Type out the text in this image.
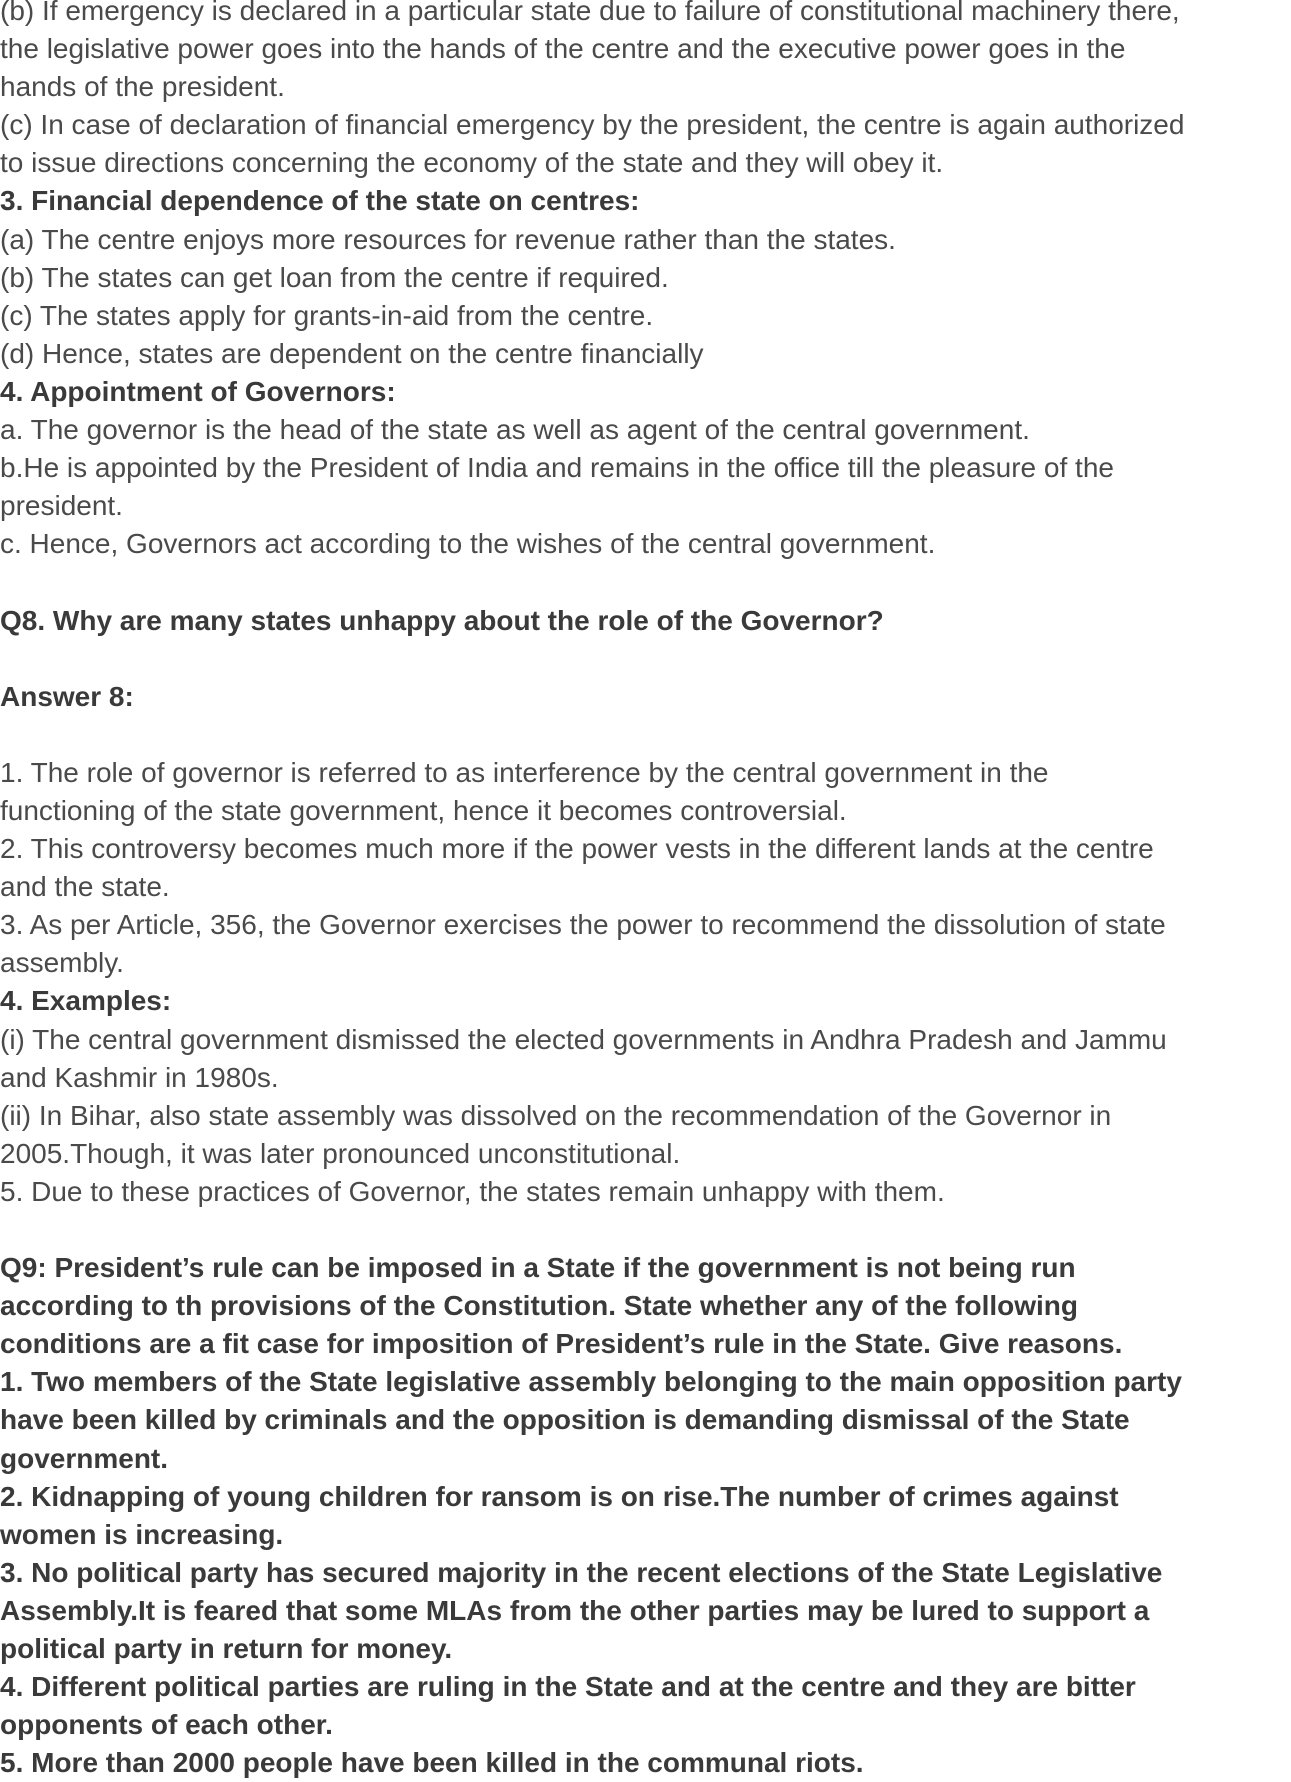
(b) If emergency is declared in a particular state due to failure of constitutional machinery there,
the legislative power goes into the hands of the centre and the executive power goes in the
hands of the president.
(c) In case of declaration of financial emergency by the president, the centre is again authorized
to issue directions concerning the economy of the state and they will obey it.
3. Financial dependence of the state on centres:
(a) The centre enjoys more resources for revenue rather than the states.
(b) The states can get loan from the centre if required.
(c) The states apply for grants-in-aid from the centre.
(d) Hence, states are dependent on the centre financially
4. Appointment of Governors:
a. The governor is the head of the state as well as agent of the central government.
b.He is appointed by the President of India and remains in the office till the pleasure of the
president.
c. Hence, Governors act according to the wishes of the central government.
Q8. Why are many states unhappy about the role of the Governor?
Answer 8:
1. The role of governor is referred to as interference by the central government in the
functioning of the state government, hence it becomes controversial.
2. This controversy becomes much more if the power vests in the different lands at the centre
and the state.
3. As per Article, 356, the Governor exercises the power to recommend the dissolution of state
assembly.
4. Examples:
(i) The central government dismissed the elected governments in Andhra Pradesh and Jammu
and Kashmir in 1980s.
(ii) In Bihar, also state assembly was dissolved on the recommendation of the Governor in
2005.Though, it was later pronounced unconstitutional.
5. Due to these practices of Governor, the states remain unhappy with them.
Q9: President’s rule can be imposed in a State if the government is not being run
according to th provisions of the Constitution. State whether any of the following
conditions are a fit case for imposition of President’s rule in the State. Give reasons.
1. Two members of the State legislative assembly belonging to the main opposition party
have been killed by criminals and the opposition is demanding dismissal of the State
government.
2. Kidnapping of young children for ransom is on rise.The number of crimes against
women is increasing.
3. No political party has secured majority in the recent elections of the State Legislative
Assembly.It is feared that some MLAs from the other parties may be lured to support a
political party in return for money.
4. Different political parties are ruling in the State and at the centre and they are bitter
opponents of each other.
5. More than 2000 people have been killed in the communal riots.
